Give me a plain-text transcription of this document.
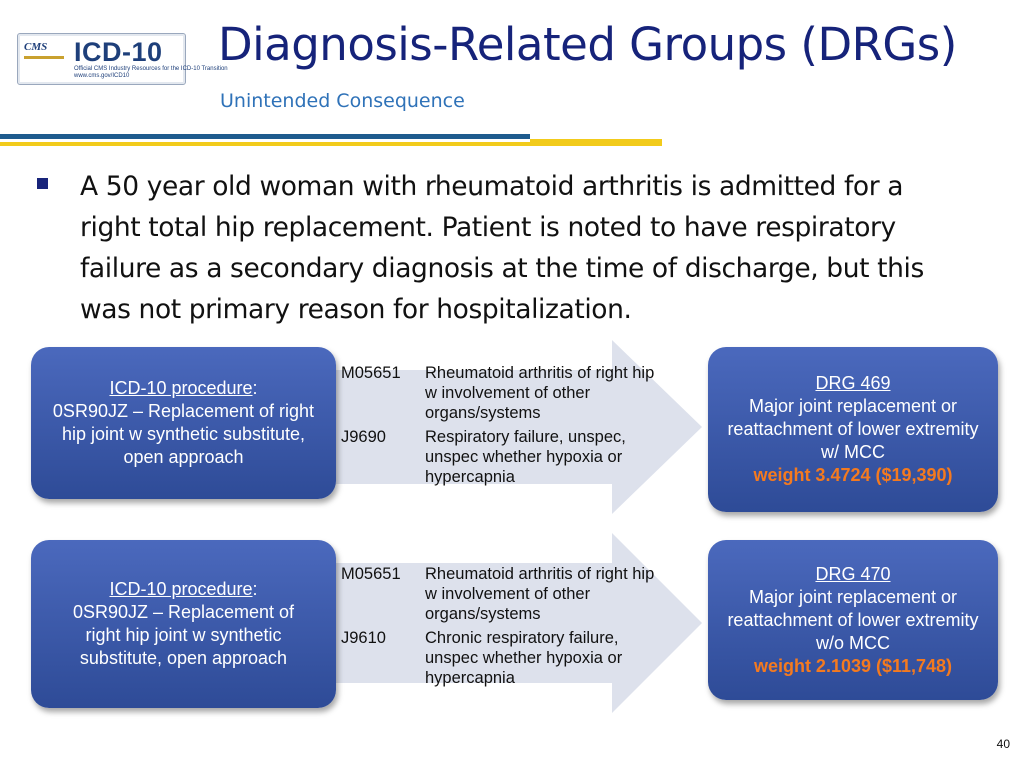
CMS ICD-10
Official CMS Industry Resources for the ICD-10 Transition
www.cms.gov/ICD10
Diagnosis-Related Groups (DRGs)
Unintended Consequence
A 50 year old woman with rheumatoid arthritis is admitted for a right total hip replacement. Patient is noted to have respiratory failure as a secondary diagnosis at the time of discharge, but this was not primary reason for hospitalization.
ICD-10 procedure:
0SR90JZ – Replacement of right hip joint w synthetic substitute, open approach
M05651	Rheumatoid arthritis of right hip w involvement of other organs/systems
J9690	Respiratory failure, unspec, unspec whether hypoxia or hypercapnia
DRG 469
Major joint replacement or reattachment of lower extremity w/ MCC
weight 3.4724 ($19,390)
ICD-10 procedure:
0SR90JZ – Replacement of right hip joint w synthetic substitute, open approach
M05651	Rheumatoid arthritis of right hip w involvement of other organs/systems
J9610	Chronic respiratory failure, unspec whether hypoxia or hypercapnia
DRG 470
Major joint replacement or reattachment of lower extremity w/o MCC
weight 2.1039 ($11,748)
40
